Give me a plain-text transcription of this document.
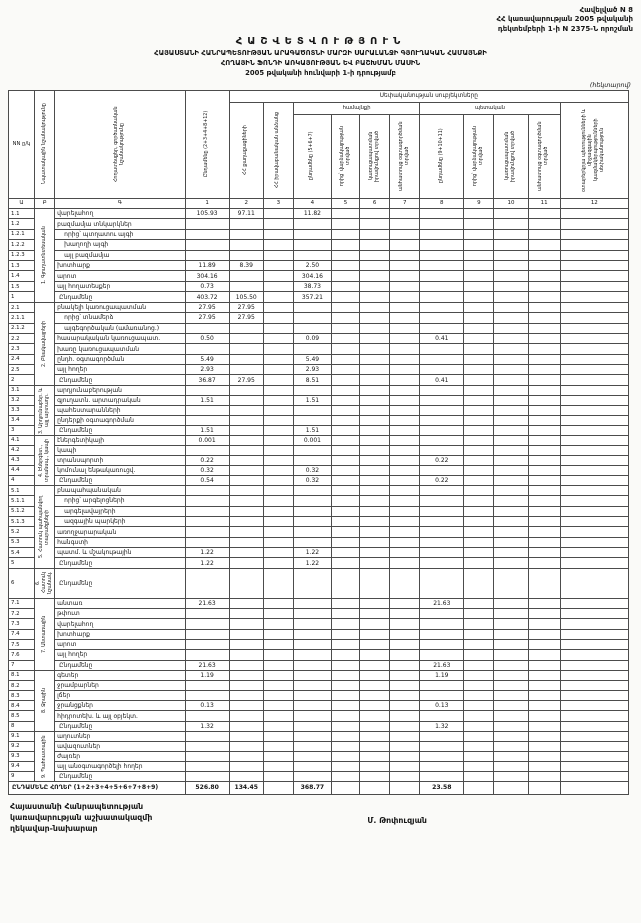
Հավելված N 8
ՀՀ կառավարության 2005 թվականի
դեկտեմբերի 1-ի N 2375-Ն որոշման
ՀԱՇՎԵՏՎՈՒԹՅՈՒՆ
ՀԱՅԱՍՏԱՆԻ ՀԱՆՐԱՊԵՏՈՒԹՅԱՆ ԱՐԱԳԱԾՈՏՆԻ ՄԱՐԶԻ ՍԱՐԱԼԱՆՋԻ ԳՅՈՒՂԱԿԱՆ ՀԱՄԱՅՆՔԻ
ՀՈՂԱՅԻՆ ՖՈՆԴԻ ԱՌԿԱՅՈՒԹՅԱՆ ԵՎ ԲԱՇԽՄԱՆ ՄԱՍԻՆ
2005 թվականի հունվարի 1-ի դրությամբ
(հեկտարով)
NN ը/կ	Նպատակային նշանակությունը	Հողատեսքեր, գործառնական նշանակությունը	Ընդամենը (2+3+4+8+12)	Սեփականության սուբյեկտները										

				ՀՀ քաղաքացիների	ՀՀ իրավաբանական անձանց	համայնքի				պետական				օտարերկրյա պետությունների և միջազգային կազմակերպությունների սեփականություն

						ընդամենը (5+6+7)	որից՝ վարձակալության տրված	կառուցապատման իրավունքով տրված	անհատույց օգտագործման տրված	ընդամենը (9+10+11)	որից՝ վարձակալության տրված	կառուցապատման իրավունքով տրված	անհատույց օգտագործման տրված	

Ա	Բ	Գ	1	2	3	4	5	6	7	8	9	10	11	12
1.1	1. Գյուղատնտեսական	վարելահող	105.93	97.11		11.82								
1.2		բազմամյա տնկարկներ												
1.2.1		որից՝ պտղատու այգի												
1.2.2		խաղողի այգի												
1.2.3		այլ բազմամյա												
1.3		խոտհարք	11.89	8.39		2.50								
1.4		արոտ	304.16			304.16								
1.5		այլ հողատեսքեր	0.73			38.73								
1		Ընդամենը	403.72	105.50		357.21								
2.1	2. Բնակավայրերի	բնակելի կառուցապատման	27.95	27.95										
2.1.1		որից՝ տնամերձ	27.95	27.95										
2.1.2		այգեգործական (ամառանոց.)												
2.2		հասարակական կառուցապատ.	0.50			0.09				0.41				
2.3		խառը կառուցապատման												
2.4		ընդհ. օգտագործման	5.49			5.49								
2.5		այլ հողեր	2.93			2.93								
2		Ընդամենը	36.87	27.95		8.51				0.41				
3.1	3. Արդյունաբեր. և այլ արտադր.	արդյունաբերության												
3.2		գյուղատն. արտադրական	1.51			1.51								
3.3		պահեստարանների												
3.4		ընդերքի օգտագործման												
3		Ընդամենը	1.51			1.51								
4.1	4. Էներգետ., տրանսպ., կապի	էներգետիկայի	0.001			0.001								
4.2		կապի												
4.3		տրանսպորտի	0.22							0.22				
4.4		կոմունալ ենթակառուցվ.	0.32			0.32								
4		Ընդամենը	0.54			0.32				0.22				
5.1	5. Հատուկ պահպանվող տարածքների	բնապահպանական												
5.1.1		որից՝ արգելոցների												
5.1.2		արգելավայրերի												
5.1.3		ազգային պարկերի												
5.2		առողջարարական												
5.3		հանգստի												
5.4		պատմ. և մշակութային	1.22			1.22								
5		Ընդամենը	1.22			1.22								
6	6. Հատուկ նշանակ.	Ընդամենը												
7.1	7. Անտառային	անտառ	21.63							21.63				
7.2		թփուտ												
7.3		վարելահող												
7.4		խոտհարք												
7.5		արոտ												
7.6		այլ հողեր												
7		Ընդամենը	21.63							21.63				
8.1	8. Ջրային	գետեր	1.19							1.19				
8.2		ջրամբարներ												
8.3		լճեր												
8.4		ջրանցքներ	0.13							0.13				
8.5		հիդրոտեխ. և այլ օբյեկտ.												
8		Ընդամենը	1.32							1.32				
9.1	9. Պահուստային	աղուտներ												
9.2		ավազուտներ												
9.3		ժայռեր												
9.4		այլ անօգտագործելի հողեր												
9		Ընդամենը												
ԸՆԴԱՄԵՆԸ ՀՈՂԵՐ (1+2+3+4+5+6+7+8+9)			526.80	134.45		368.77				23.58				
Հայաստանի Հանրապետության
կառավարության աշխատակազմի
ղեկավար-նախարար
Մ. Թոփուզյան
